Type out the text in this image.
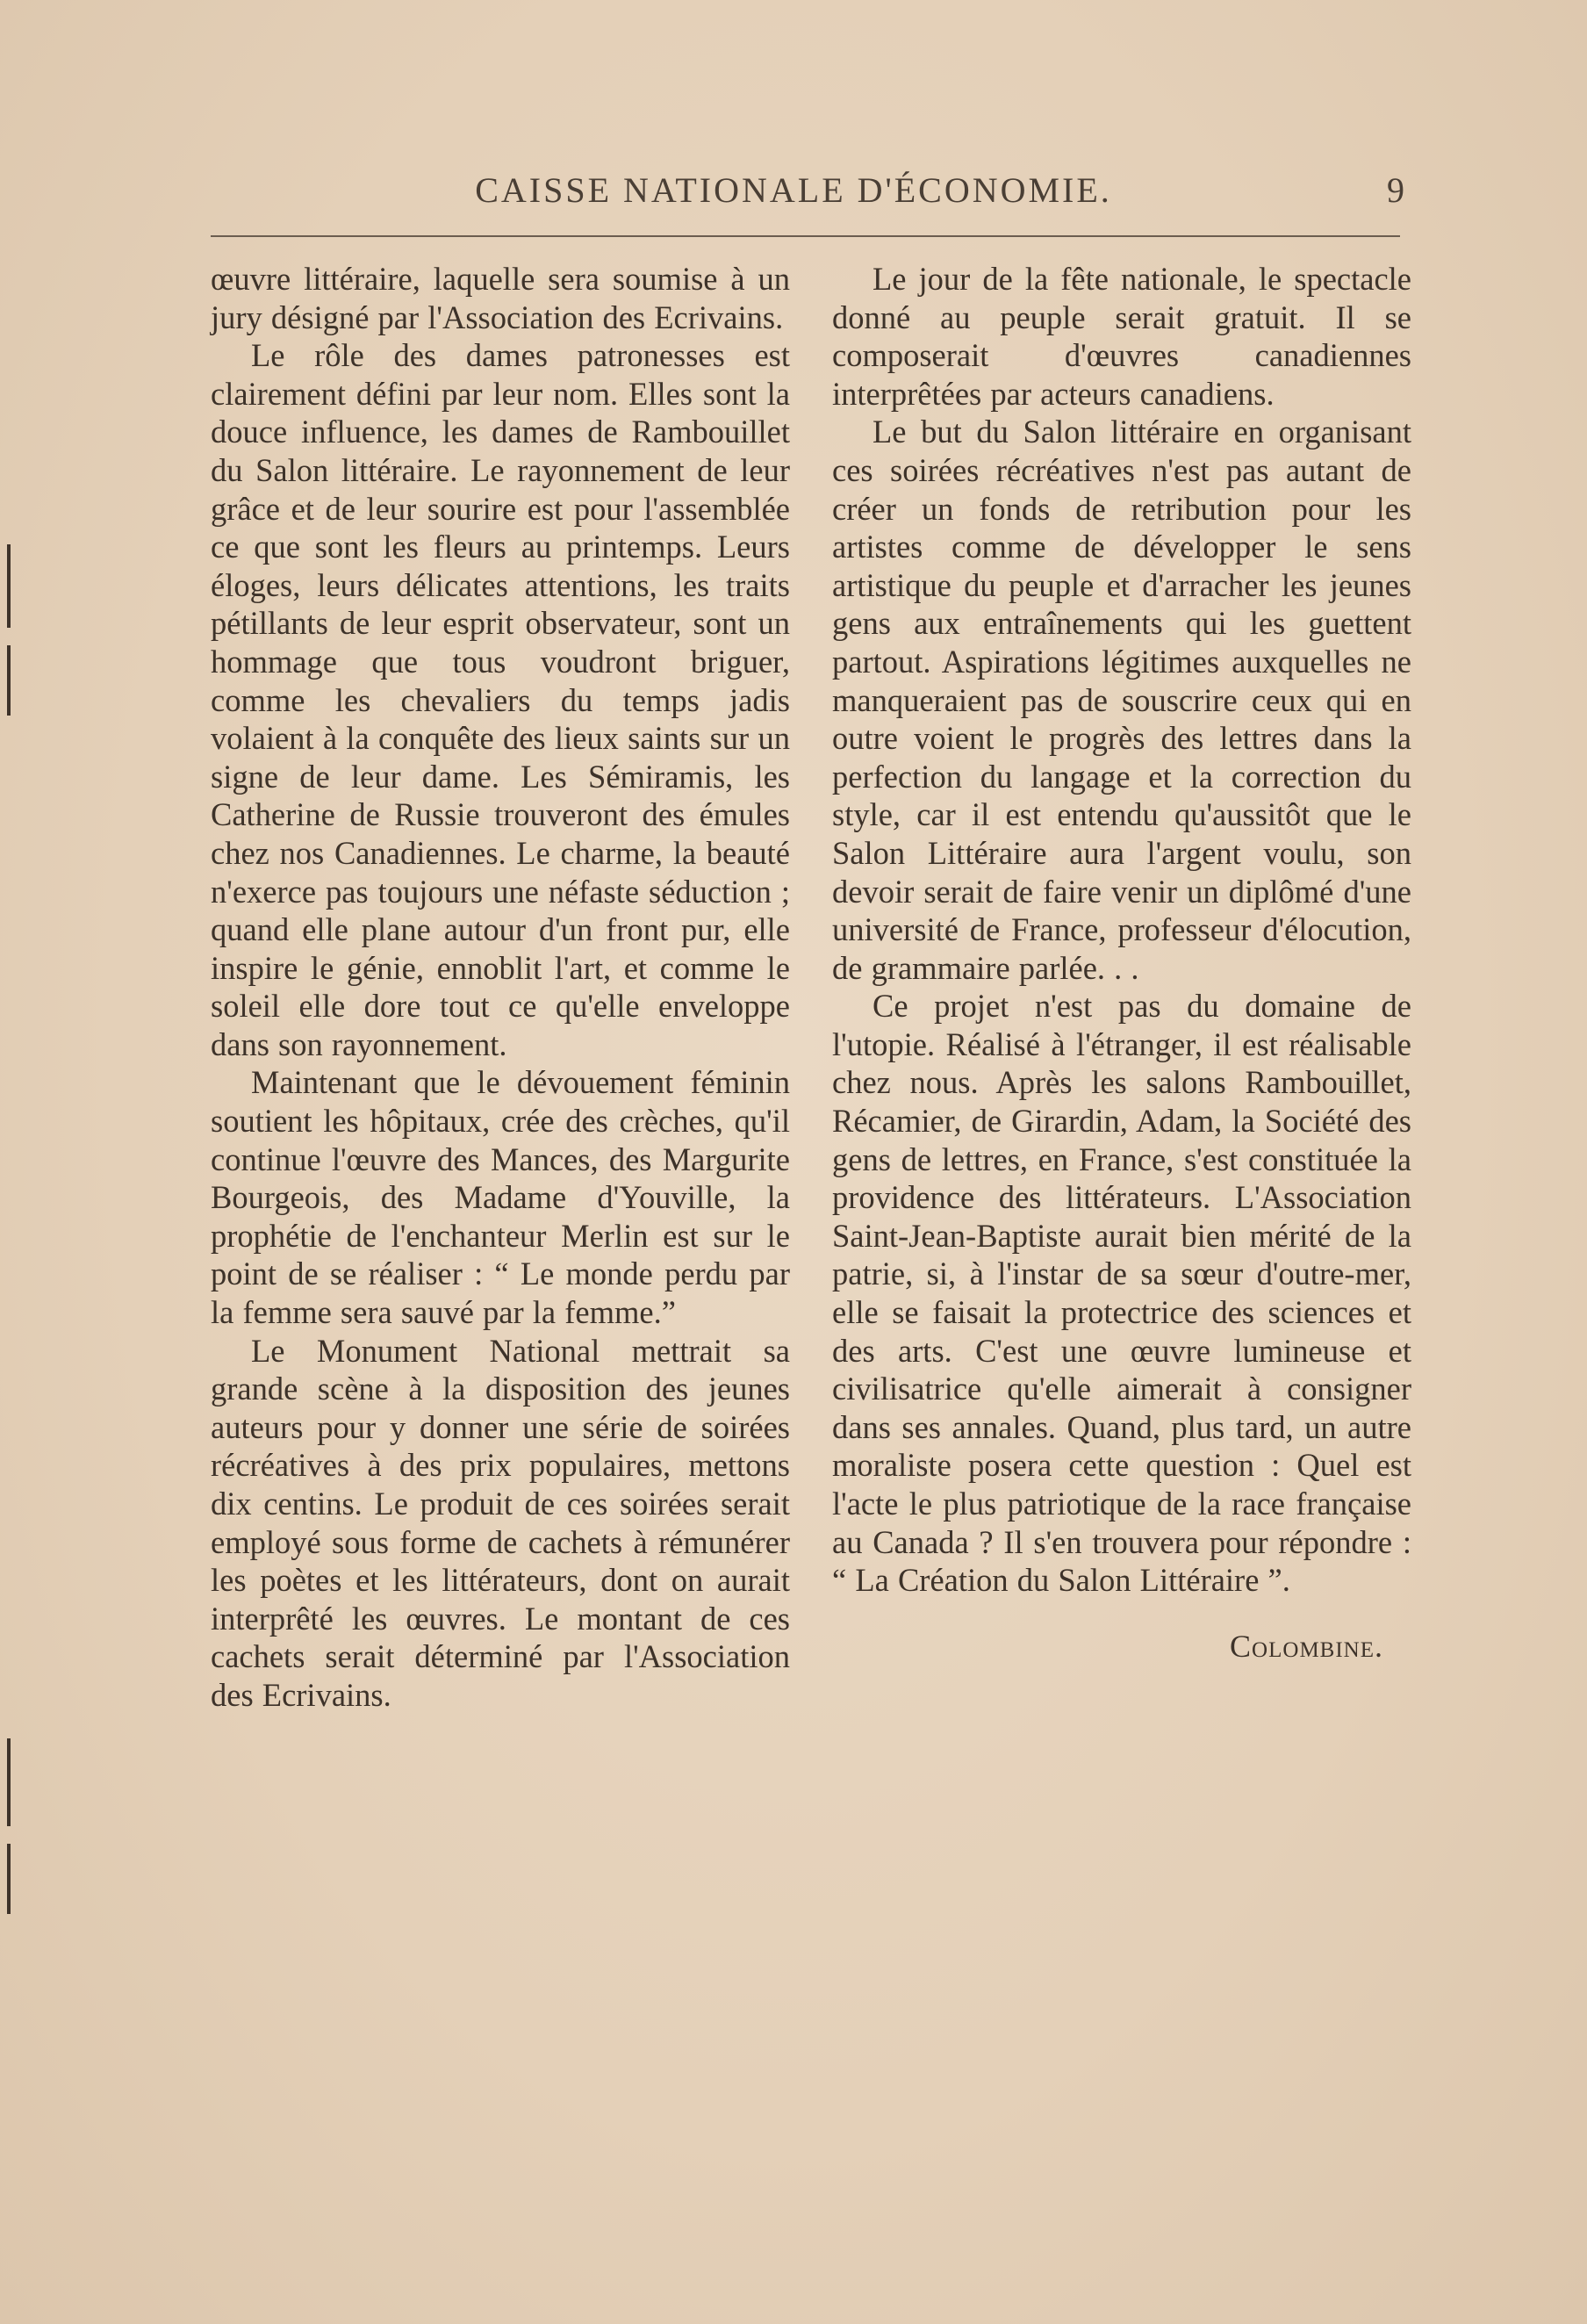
CAISSE NATIONALE D'ÉCONOMIE.	9

œuvre littéraire, laquelle sera soumise à un jury désigné par l'Association des Ecrivains.

Le rôle des dames patronesses est clairement défini par leur nom. Elles sont la douce influence, les dames de Rambouillet du Salon littéraire. Le rayonnement de leur grâce et de leur sourire est pour l'assemblée ce que sont les fleurs au printemps. Leurs éloges, leurs délicates attentions, les traits pétillants de leur esprit observateur, sont un hommage que tous voudront briguer, comme les chevaliers du temps jadis volaient à la conquête des lieux saints sur un signe de leur dame. Les Sémiramis, les Catherine de Russie trouveront des émules chez nos Canadiennes. Le charme, la beauté n'exerce pas toujours une néfaste séduction ; quand elle plane autour d'un front pur, elle inspire le génie, ennoblit l'art, et comme le soleil elle dore tout ce qu'elle enveloppe dans son rayonnement.

Maintenant que le dévouement féminin soutient les hôpitaux, crée des crèches, qu'il continue l'œuvre des Mances, des Margurite Bourgeois, des Madame d'Youville, la prophétie de l'enchanteur Merlin est sur le point de se réaliser : “ Le monde perdu par la femme sera sauvé par la femme.”

Le Monument National mettrait sa grande scène à la disposition des jeunes auteurs pour y donner une série de soirées récréatives à des prix populaires, mettons dix centins. Le produit de ces soirées serait employé sous forme de cachets à rémunérer les poètes et les littérateurs, dont on aurait interprêté les œuvres. Le montant de ces cachets serait déterminé par l'Association des Ecrivains.

Le jour de la fête nationale, le spectacle donné au peuple serait gratuit. Il se composerait d'œuvres canadiennes interprêtées par acteurs canadiens.

Le but du Salon littéraire en organisant ces soirées récréatives n'est pas autant de créer un fonds de retribution pour les artistes comme de développer le sens artistique du peuple et d'arracher les jeunes gens aux entraînements qui les guettent partout. Aspirations légitimes auxquelles ne manqueraient pas de souscrire ceux qui en outre voient le progrès des lettres dans la perfection du langage et la correction du style, car il est entendu qu'aussitôt que le Salon Littéraire aura l'argent voulu, son devoir serait de faire venir un diplômé d'une université de France, professeur d'élocution, de grammaire parlée. . .

Ce projet n'est pas du domaine de l'utopie. Réalisé à l'étranger, il est réalisable chez nous. Après les salons Rambouillet, Récamier, de Girardin, Adam, la Société des gens de lettres, en France, s'est constituée la providence des littérateurs. L'Association Saint-Jean-Baptiste aurait bien mérité de la patrie, si, à l'instar de sa sœur d'outre-mer, elle se faisait la protectrice des sciences et des arts. C'est une œuvre lumineuse et civilisatrice qu'elle aimerait à consigner dans ses annales. Quand, plus tard, un autre moraliste posera cette question : Quel est l'acte le plus patriotique de la race française au Canada ? Il s'en trouvera pour répondre : “ La Création du Salon Littéraire ”.

Colombine.
